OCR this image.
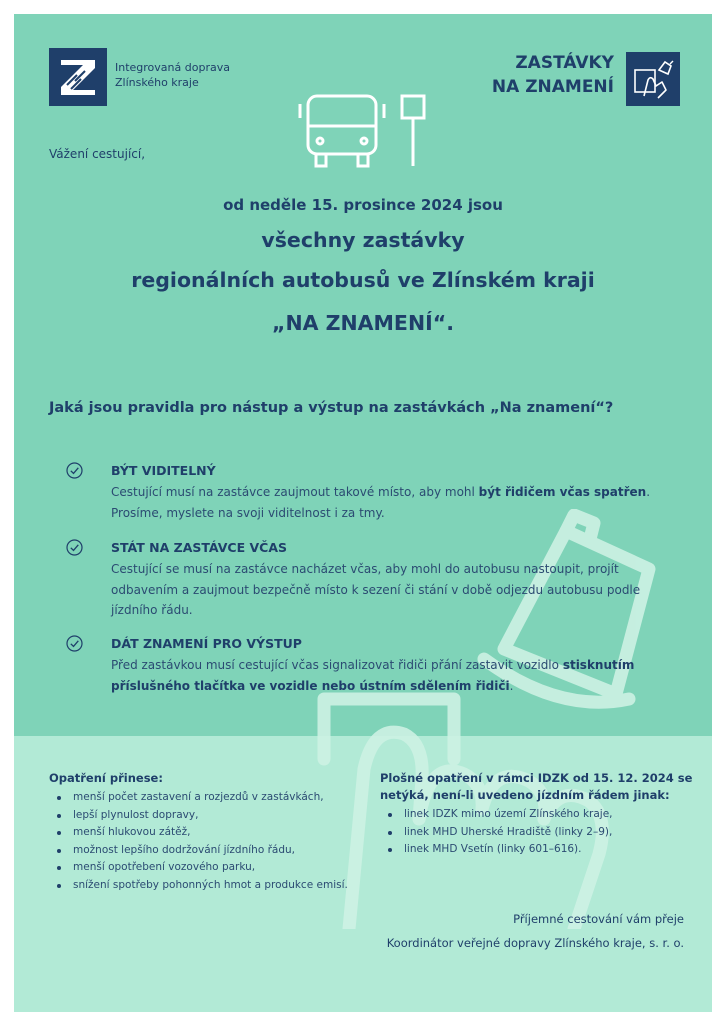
Integrovaná doprava
Zlínského kraje
ZASTÁVKY
NA ZNAMENÍ
Vážení cestující,
od neděle 15. prosince 2024 jsou
všechny zastávky
regionálních autobusů ve Zlínském kraji
„NA ZNAMENÍ“.
Jaká jsou pravidla pro nástup a výstup na zastávkách „Na znamení“?
BÝT VIDITELNÝ
Cestující musí na zastávce zaujmout takové místo, aby mohl být řidičem včas spatřen. Prosíme, myslete na svoji viditelnost i za tmy.
STÁT NA ZASTÁVCE VČAS
Cestující se musí na zastávce nacházet včas, aby mohl do autobusu nastoupit, projít odbavením a zaujmout bezpečně místo k sezení či stání v době odjezdu autobusu podle jízdního řádu.
DÁT ZNAMENÍ PRO VÝSTUP
Před zastávkou musí cestující včas signalizovat řidiči přání zastavit vozidlo stisknutím příslušného tlačítka ve vozidle nebo ústním sdělením řidiči.
Opatření přinese:
menší počet zastavení a rozjezdů v zastávkách,
lepší plynulost dopravy,
menší hlukovou zátěž,
možnost lepšího dodržování jízdního řádu,
menší opotřebení vozového parku,
snížení spotřeby pohonných hmot a produkce emisí.
Plošné opatření v rámci IDZK od 15. 12. 2024 se
netýká, není-li uvedeno jízdním řádem jinak:
linek IDZK mimo území Zlínského kraje,
linek MHD Uherské Hradiště (linky 2–9),
linek MHD Vsetín (linky 601–616).
Příjemné cestování vám přeje
Koordinátor veřejné dopravy Zlínského kraje, s. r. o.
